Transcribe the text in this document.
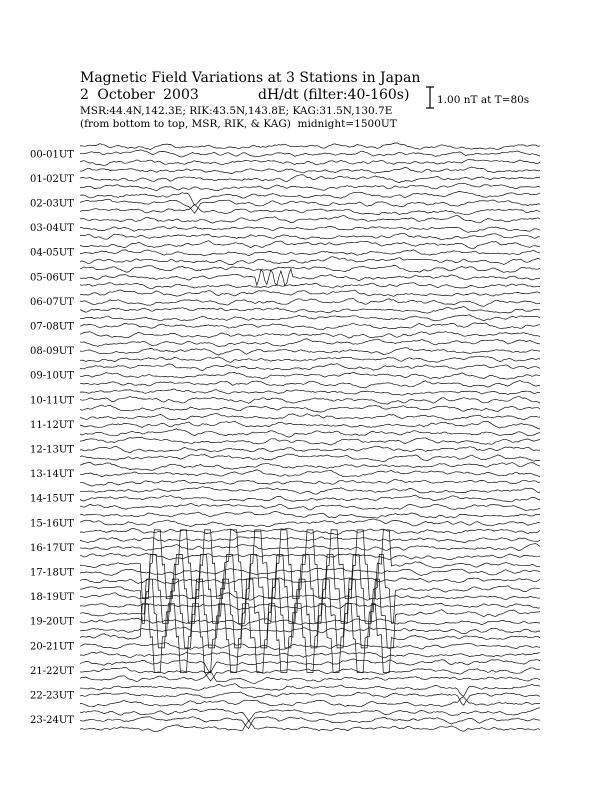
Magnetic Field Variations at 3 Stations in Japan
2 October 2003	dH/dt (filter:40-160s)
MSR:44.4N,142.3E; RIK:43.5N,143.8E; KAG:31.5N,130.7E
(from bottom to top, MSR, RIK, & KAG) midnight=1500UT
1.00 nT at T=80s
00-01UT
01-02UT
02-03UT
03-04UT
04-05UT
05-06UT
06-07UT
07-08UT
08-09UT
09-10UT
10-11UT
11-12UT
12-13UT
13-14UT
14-15UT
15-16UT
16-17UT
17-18UT
18-19UT
19-20UT
20-21UT
21-22UT
22-23UT
23-24UT
